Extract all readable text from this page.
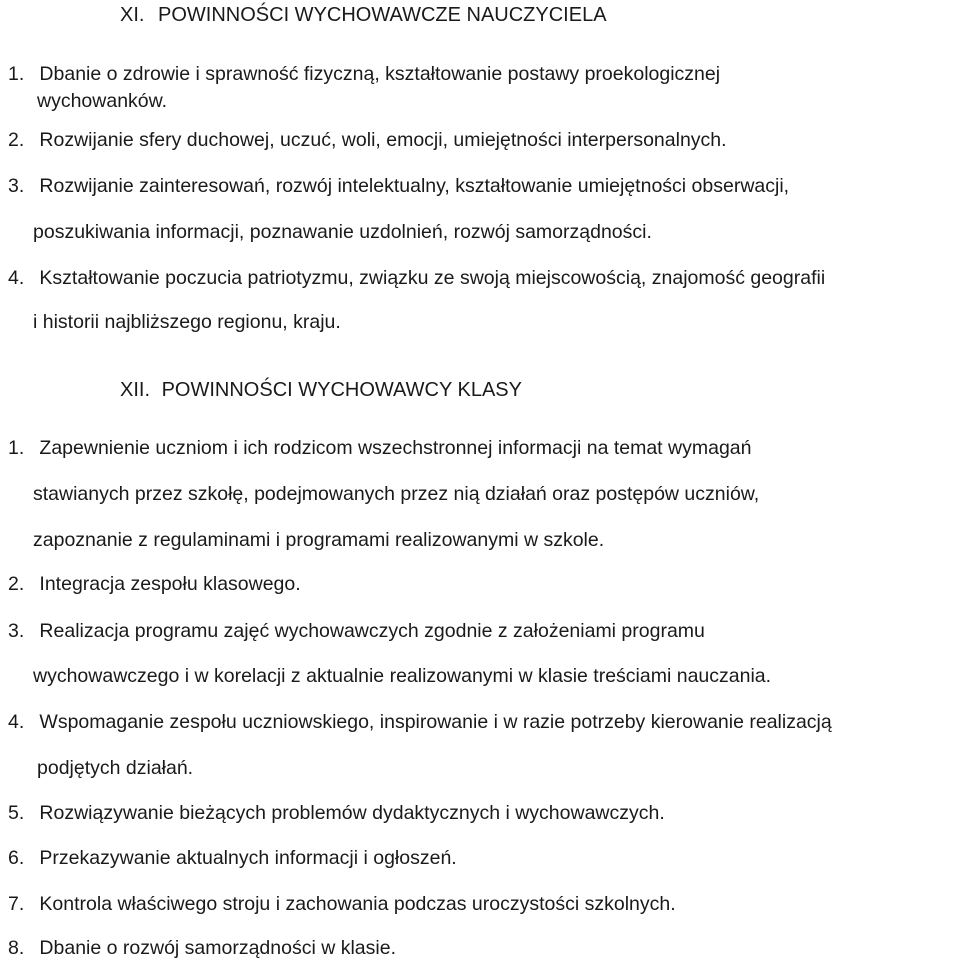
XI. POWINNOŚCI WYCHOWAWCZE NAUCZYCIELA
1. Dbanie o zdrowie i sprawność fizyczną, kształtowanie postawy proekologicznej
wychowanków.
2. Rozwijanie sfery duchowej, uczuć, woli, emocji, umiejętności interpersonalnych.
3. Rozwijanie zainteresowań, rozwój intelektualny, kształtowanie umiejętności obserwacji,
poszukiwania informacji, poznawanie uzdolnień, rozwój samorządności.
4. Kształtowanie poczucia patriotyzmu, związku ze swoją miejscowością, znajomość geografii
i historii najbliższego regionu, kraju.
XII. POWINNOŚCI WYCHOWAWCY KLASY
1. Zapewnienie uczniom i ich rodzicom wszechstronnej informacji na temat wymagań
stawianych przez szkołę, podejmowanych przez nią działań oraz postępów uczniów,
zapoznanie z regulaminami i programami realizowanymi w szkole.
2. Integracja zespołu klasowego.
3. Realizacja programu zajęć wychowawczych zgodnie z założeniami programu
wychowawczego i w korelacji z aktualnie realizowanymi w klasie treściami nauczania.
4. Wspomaganie zespołu uczniowskiego, inspirowanie i w razie potrzeby kierowanie realizacją
podjętych działań.
5. Rozwiązywanie bieżących problemów dydaktycznych i wychowawczych.
6. Przekazywanie aktualnych informacji i ogłoszeń.
7. Kontrola właściwego stroju i zachowania podczas uroczystości szkolnych.
8. Dbanie o rozwój samorządności w klasie.
